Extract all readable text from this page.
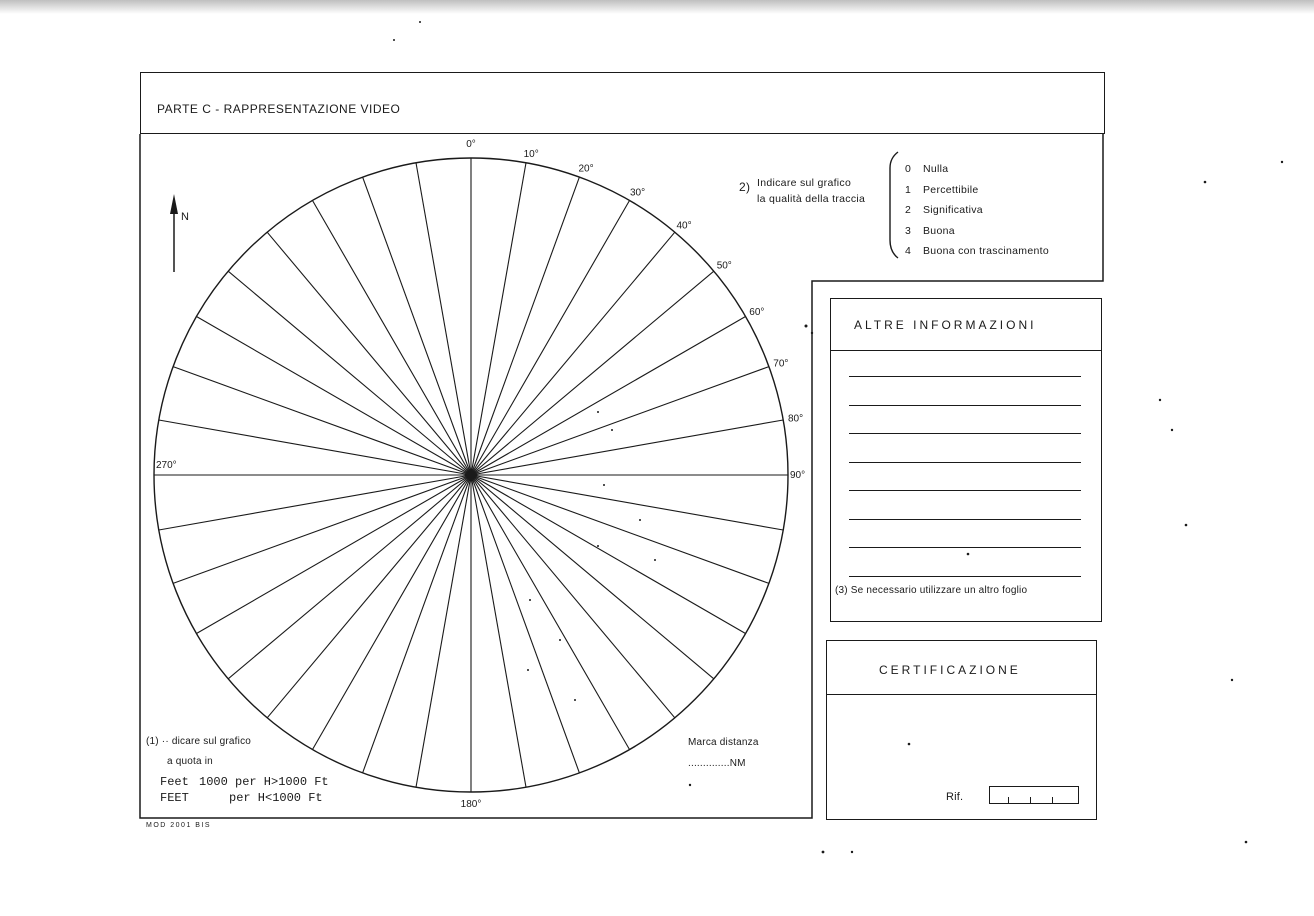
PARTE C - RAPPRESENTAZIONE VIDEO
0°
10°
20°
30°
40°
50°
60°
70°
80°
90°
180°
270°
N
2) Indicare sul grafico
la qualità della traccia
0 Nulla
1 Percettibile
2 Significativa
3 Buona
4 Buona con trascinamento
ALTRE INFORMAZIONI
(3) Se necessario utilizzare un altro foglio
CERTIFICAZIONE
Rif.
(1) ·· dicare sul grafico
a quota in
Feet 1000 per H>1000 Ft
FEET	per H<1000 Ft
Marca distanza
..............NM
MOD 2001 BIS
